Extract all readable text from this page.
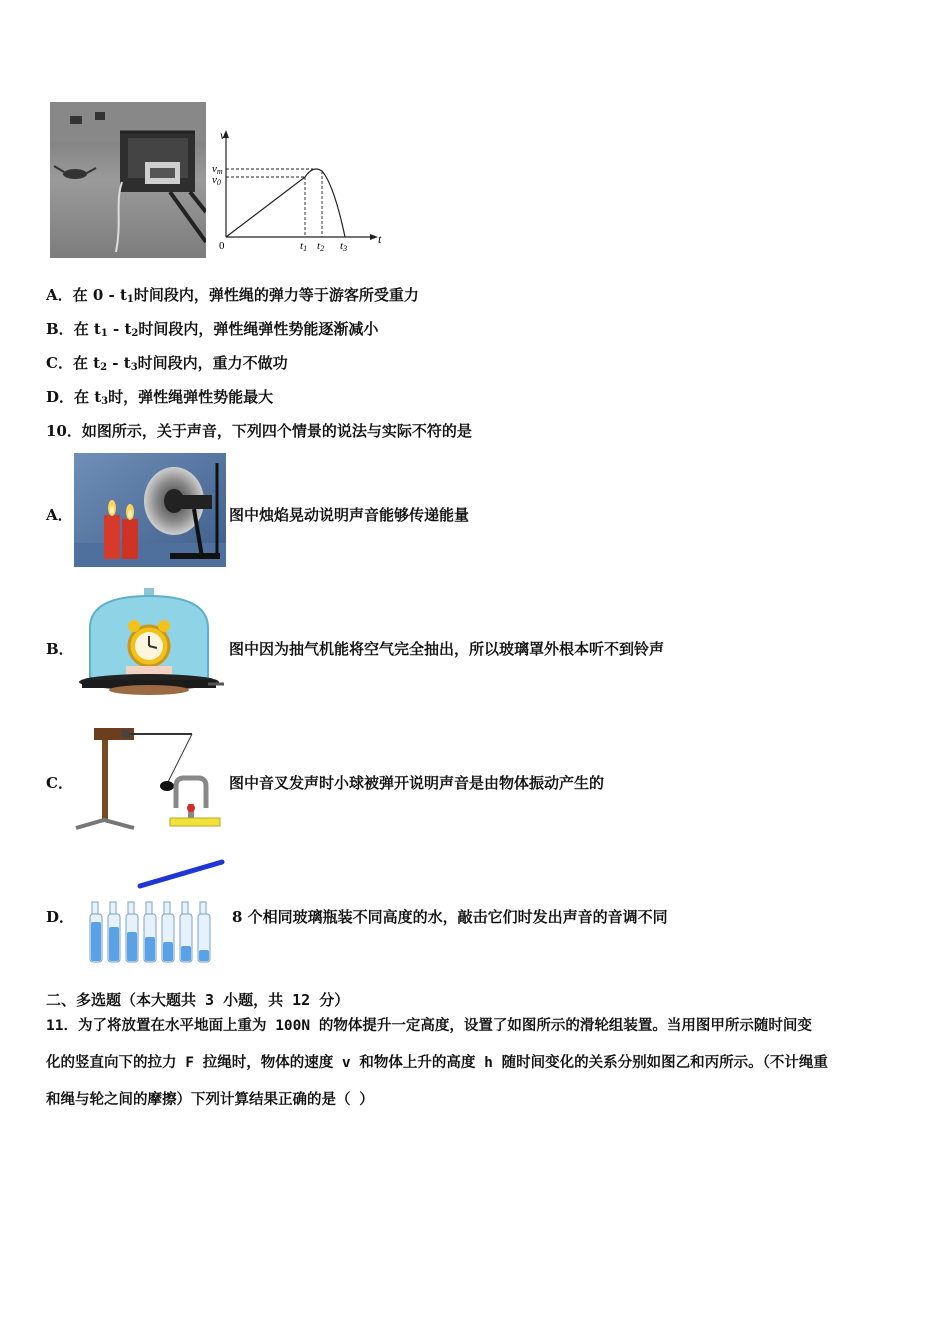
v
t
0
vm
v0
t1 t2 t3
A．在 $0 - t_1$时间段内，弹性绳的弹力等于游客所受重力
B．在 $t_1 - t_2$时间段内，弹性绳弹性势能逐渐减小
C．在 $t_2 - t_3$时间段内，重力不做功
D．在 $t_3$时，弹性绳弹性势能最大
10．如图所示，关于声音，下列四个情景的说法与实际不符的是
A．	图中烛焰晃动说明声音能够传递能量
B．	图中因为抽气机能将空气完全抽出，所以玻璃罩外根本听不到铃声
C．	图中音叉发声时小球被弹开说明声音是由物体振动产生的
D．	8 个相同玻璃瓶装不同高度的水，敲击它们时发出声音的音调不同
二、多选题（本大题共 3 小题，共 12 分）
11．为了将放置在水平地面上重为 100N 的物体提升一定高度，设置了如图所示的滑轮组装置。当用图甲所示随时间变
化的竖直向下的拉力 F 拉绳时，物体的速度 v 和物体上升的高度 h 随时间变化的关系分别如图乙和丙所示。（不计绳重
和绳与轮之间的摩擦）下列计算结果正确的是（ ）
